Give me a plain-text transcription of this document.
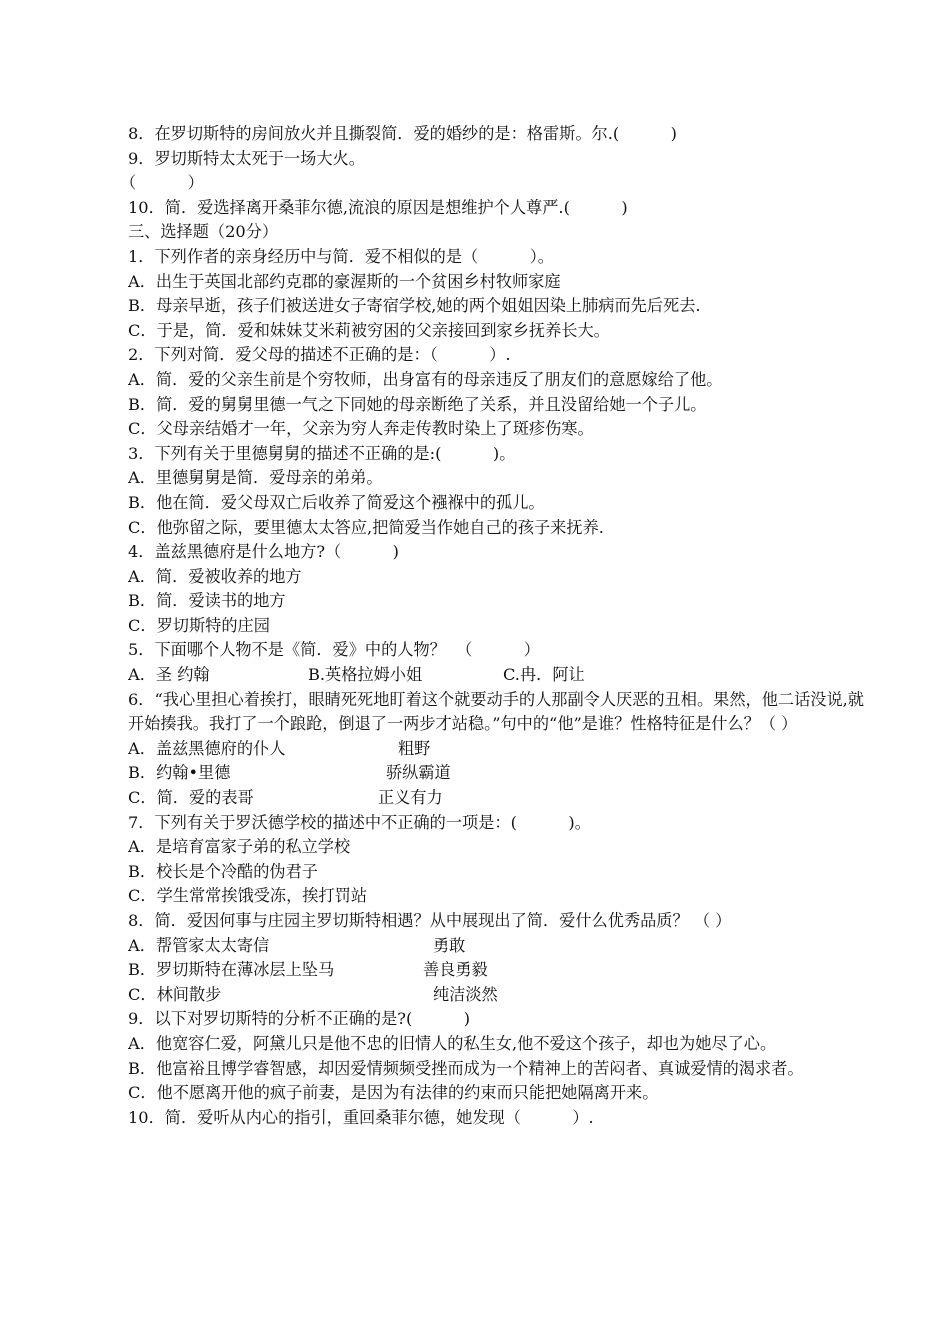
8．在罗切斯特的房间放火并且撕裂简．爱的婚纱的是：格雷斯。尔.(          )
9．罗切斯特太太死于一场大火。
（          ）
10．简．爱选择离开桑菲尔德,流浪的原因是想维护个人尊严.(          )
三、选择题（20分）
1．下列作者的亲身经历中与简．爱不相似的是（          ）。
A．出生于英国北部约克郡的豪渥斯的一个贫困乡村牧师家庭
B．母亲早逝，孩子们被送进女子寄宿学校,她的两个姐姐因染上肺病而先后死去.
C．于是，简．爱和妹妹艾米莉被穷困的父亲接回到家乡抚养长大。
2．下列对简．爱父母的描述不正确的是：（          ）.
A．简．爱的父亲生前是个穷牧师，出身富有的母亲违反了朋友们的意愿嫁给了他。
B．简．爱的舅舅里德一气之下同她的母亲断绝了关系，并且没留给她一个子儿。
C．父母亲结婚才一年，父亲为穷人奔走传教时染上了斑疹伤寒。
3．下列有关于里德舅舅的描述不正确的是:(          )。
A．里德舅舅是简．爱母亲的弟弟。
B．他在简．爱父母双亡后收养了简爱这个襁褓中的孤儿。
C．他弥留之际，要里德太太答应,把简爱当作她自己的孩子来抚养.
4．盖兹黑德府是什么地方?（          )
A．简．爱被收养的地方
B．简．爱读书的地方
C．罗切斯特的庄园
5．下面哪个人物不是《简．爱》中的人物？  （          ）
A．圣 约翰	B.英格拉姆小姐	C.冉．阿让
6．“我心里担心着挨打，眼睛死死地盯着这个就要动手的人那副令人厌恶的丑相。果然，他二话没说,就开始揍我。我打了一个踉跄，倒退了一两步才站稳。”句中的“他”是谁？性格特征是什么？（ ）
A．盖兹黑德府的仆人	粗野
B．约翰•里德	骄纵霸道
C．简．爱的表哥	正义有力
7．下列有关于罗沃德学校的描述中不正确的一项是：(          )。
A．是培育富家子弟的私立学校
B．校长是个冷酷的伪君子
C．学生常常挨饿受冻，挨打罚站
8．简．爱因何事与庄园主罗切斯特相遇？从中展现出了简．爱什么优秀品质？ （ ）
A．帮管家太太寄信	勇敢
B．罗切斯特在薄冰层上坠马	善良勇毅
C．林间散步	纯洁淡然
9．以下对罗切斯特的分析不正确的是?(          )
A．他宽容仁爱，阿黛儿只是他不忠的旧情人的私生女,他不爱这个孩子，却也为她尽了心。
B．他富裕且博学睿智感，却因爱情频频受挫而成为一个精神上的苦闷者、真诚爱情的渴求者。
C．他不愿离开他的疯子前妻，是因为有法律的约束而只能把她隔离开来。
10．简．爱听从内心的指引，重回桑菲尔德，她发现（          ）.
